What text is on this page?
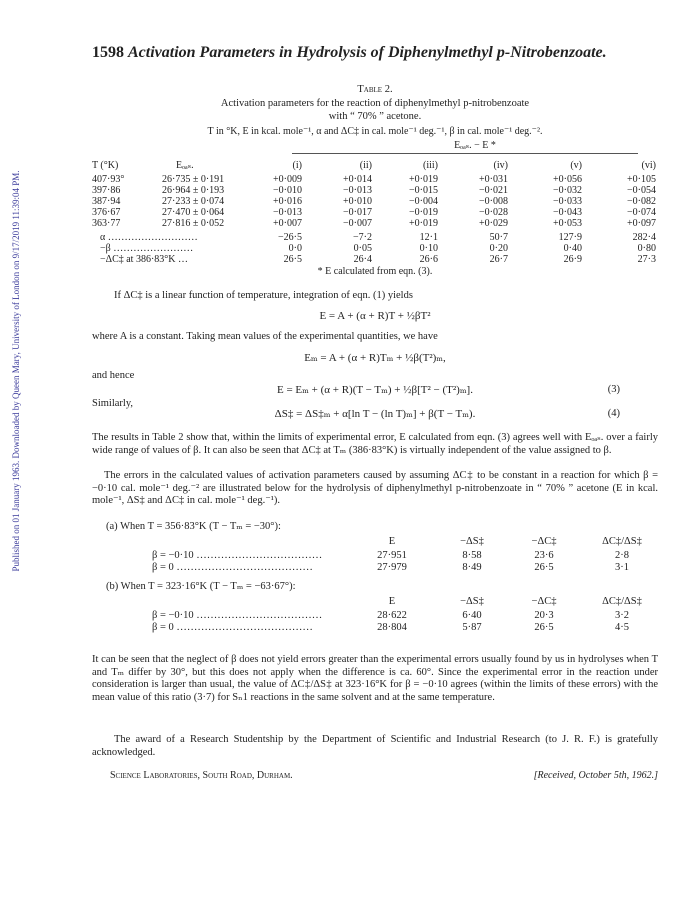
Published on 01 January 1963. Downloaded by Queen Mary, University of London on 9/17/2019 11:39:04 PM.
1598 Activation Parameters in Hydrolysis of Diphenylmethyl p-Nitrobenzoate.
Table 2.
Activation parameters for the reaction of diphenylmethyl p-nitrobenzoate
with “ 70% ” acetone.
T in °K, E in kcal. mole⁻¹, α and ΔC‡ in cal. mole⁻¹ deg.⁻¹, β in cal. mole⁻¹ deg.⁻².
Eₒₐₛ. − E *
T (°K)	Eₒₐₛ.	(i)	(ii)	(iii)	(iv)	(v)	(vi)
407·93°	26·735 ± 0·191	+0·009	+0·014	+0·019	+0·031	+0·056	+0·105
397·86	26·964 ± 0·193	−0·010	−0·013	−0·015	−0·021	−0·032	−0·054
387·94	27·233 ± 0·074	+0·016	+0·010	−0·004	−0·008	−0·033	−0·082
376·67	27·470 ± 0·064	−0·013	−0·017	−0·019	−0·028	−0·043	−0·074
363·77	27·816 ± 0·052	+0·007	−0·007	+0·019	+0·029	+0·053	+0·097
α ………………………	−26·5	−7·2	12·1	50·7	127·9	282·4
−β ……………………	0·0	0·05	0·10	0·20	0·40	0·80
−ΔC‡ at 386·83°K …	26·5	26·4	26·6	26·7	26·9	27·3
* E calculated from eqn. (3).
If ΔC‡ is a linear function of temperature, integration of eqn. (1) yields
E = A + (α + R)T + ½βT²
where A is a constant. Taking mean values of the experimental quantities, we have
Eₘ = A + (α + R)Tₘ + ½β(T²)ₘ,
and hence
E = Eₘ + (α + R)(T − Tₘ) + ½β[T² − (T²)ₘ].	(3)
Similarly,
ΔS‡ = ΔS‡ₘ + α[ln T − (ln T)ₘ] + β(T − Tₘ).	(4)
The results in Table 2 show that, within the limits of experimental error, E calculated from eqn. (3) agrees well with Eₒₐₛ. over a fairly wide range of values of β. It can also be seen that ΔC‡ at Tₘ (386·83°K) is virtually independent of the value assigned to β.
The errors in the calculated values of activation parameters caused by assuming ΔC‡ to be constant in a reaction for which β = −0·10 cal. mole⁻¹ deg.⁻² are illustrated below for the hydrolysis of diphenylmethyl p-nitrobenzoate in “ 70% ” acetone (E in kcal. mole⁻¹, ΔS‡ and ΔC‡ in cal. mole⁻¹ deg.⁻¹).
(a) When T = 356·83°K (T − Tₘ = −30°):
E	−ΔS‡	−ΔC‡	ΔC‡/ΔS‡
β = −0·10 ………………………………	27·951	8·58	23·6	2·8
β = 0 …………………………………	27·979	8·49	26·5	3·1
(b) When T = 323·16°K (T − Tₘ = −63·67°):
E	−ΔS‡	−ΔC‡	ΔC‡/ΔS‡
β = −0·10 ………………………………	28·622	6·40	20·3	3·2
β = 0 …………………………………	28·804	5·87	26·5	4·5
It can be seen that the neglect of β does not yield errors greater than the experimental errors usually found by us in hydrolyses when T and Tₘ differ by 30°, but this does not apply when the difference is ca. 60°. Since the experimental error in the reaction under consideration is larger than usual, the value of ΔC‡/ΔS‡ at 323·16°K for β = −0·10 agrees (within the limits of these errors) with the mean value of this ratio (3·7) for Sₙ1 reactions in the same solvent and at the same temperature.
The award of a Research Studentship by the Department of Scientific and Industrial Research (to J. R. F.) is gratefully acknowledged.
Science Laboratories, South Road, Durham.	[Received, October 5th, 1962.]
